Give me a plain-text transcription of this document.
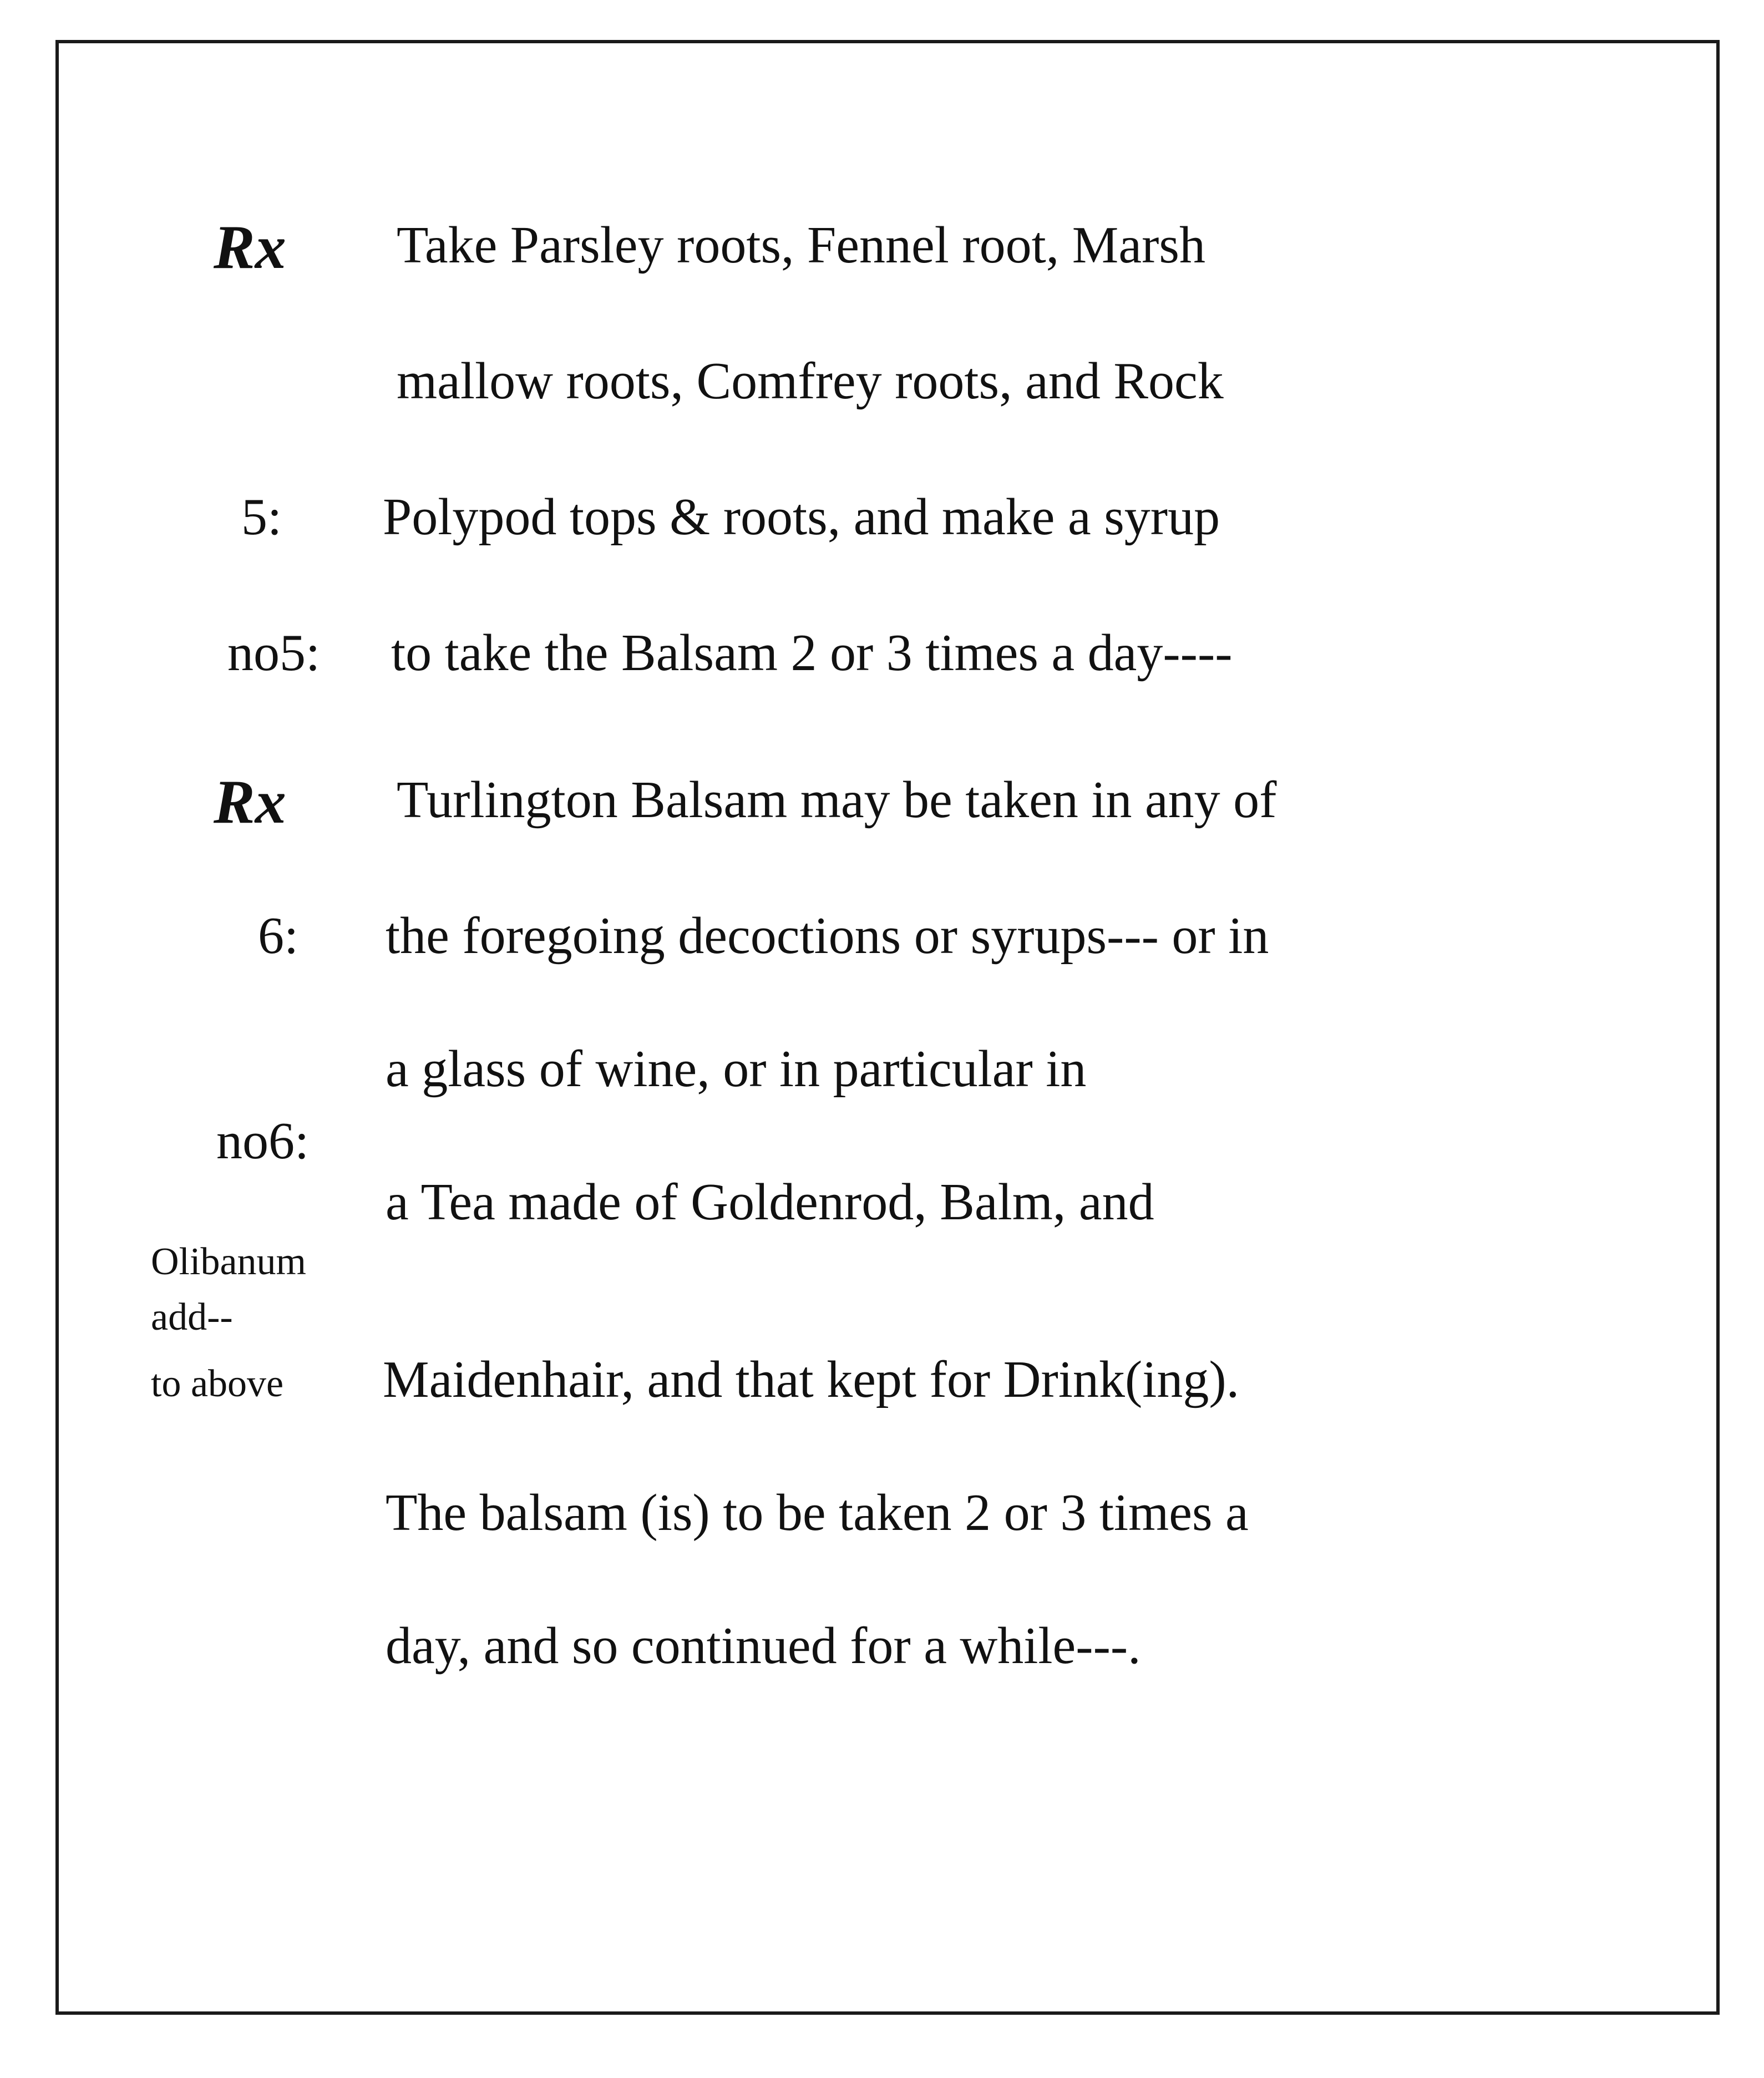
Rx Take Parsley roots, Fennel root, Marsh
mallow roots, Comfrey roots, and Rock
5: Polypod tops & roots, and make a syrup
no5: to take the Balsam 2 or 3 times a day----
Rx Turlington Balsam may be taken in any of
6: the foregoing decoctions or syrups--- or in
a glass of wine, or in particular in
no6:
a Tea made of Goldenrod, Balm, and
Olibanum
add--
to above Maidenhair, and that kept for Drink(ing).
The balsam (is) to be taken 2 or 3 times a
day, and so continued for a while---.
